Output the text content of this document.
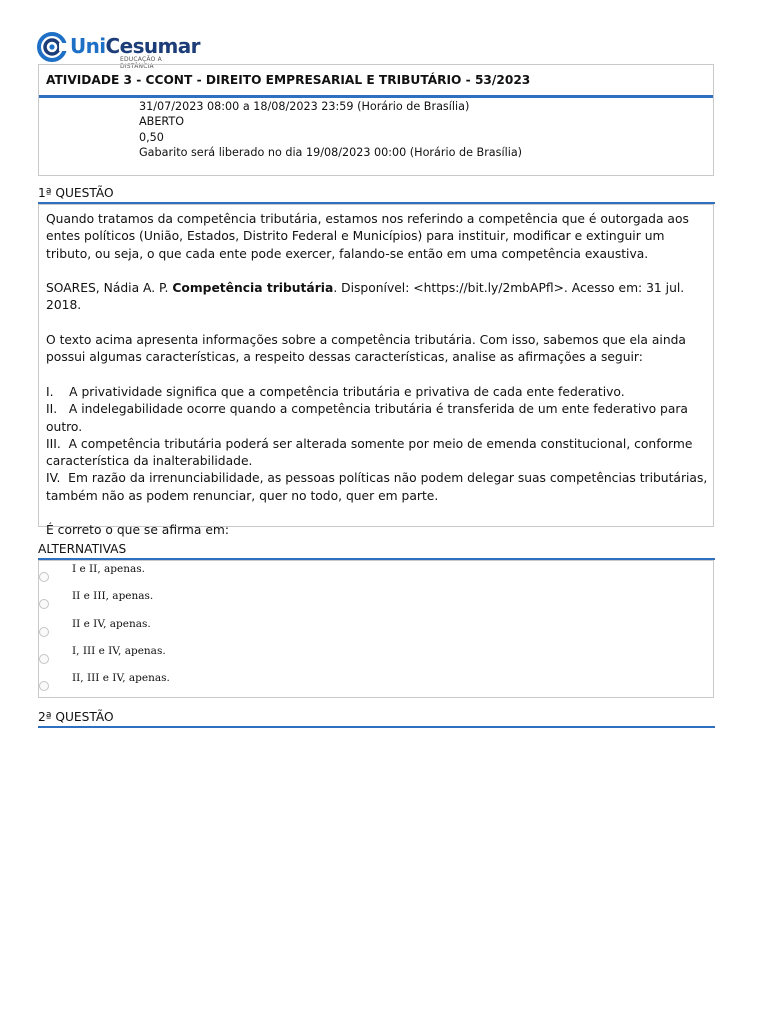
UniCesumar
EDUCAÇÃO A DISTÂNCIA
ATIVIDADE 3 - CCONT - DIREITO EMPRESARIAL E TRIBUTÁRIO - 53/2023
31/07/2023 08:00 a 18/08/2023 23:59 (Horário de Brasília)
ABERTO
0,50
Gabarito será liberado no dia 19/08/2023 00:00 (Horário de Brasília)
1ª QUESTÃO

Quando tratamos da competência tributária, estamos nos referindo a competência que é outorgada aos entes políticos (União, Estados, Distrito Federal e Municípios) para instituir, modificar e extinguir um tributo, ou seja, o que cada ente pode exercer, falando-se então em uma competência exaustiva.

SOARES, Nádia A. P. Competência tributária. Disponível: <https://bit.ly/2mbAPfl>. Acesso em: 31 jul. 2018.

O texto acima apresenta informações sobre a competência tributária. Com isso, sabemos que ela ainda possui algumas características, a respeito dessas características, analise as afirmações a seguir:

I.    A privatividade significa que a competência tributária e privativa de cada ente federativo.

II.   A indelegabilidade ocorre quando a competência tributária é transferida de um ente federativo para outro.

III.  A competência tributária poderá ser alterada somente por meio de emenda constitucional, conforme característica da inalterabilidade.

IV.  Em razão da irrenunciabilidade, as pessoas políticas não podem delegar suas competências tributárias, também não as podem renunciar, quer no todo, quer em parte.

É correto o que se afirma em:

ALTERNATIVAS
I e II, apenas.
II e III, apenas.
II e IV, apenas.
I, III e IV, apenas.
II, III e IV, apenas.
2ª QUESTÃO
